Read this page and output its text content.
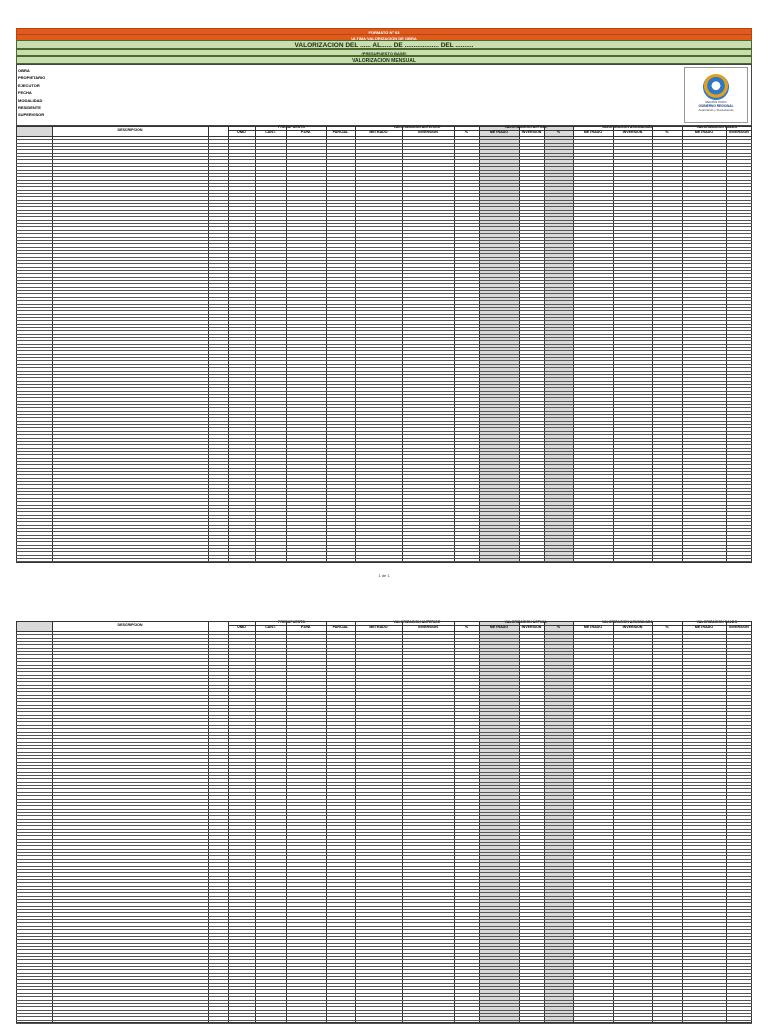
FORMATO N° 03
ULTIMA VALORIZACION DE OBRA
VALORIZACION DEL ...... AL...... DE ................... DEL ..........
(PRESUPUESTO BASE)
VALORIZACION MENSUAL
OBRA
PROPIETARIO
EJECUTOR
FECHA
MODALIDAD
RESIDENTE
SUPERVISOR
REGIÓN PUNO
GOBIERNO REGIONAL
Avanzando y Produciendo
DESCRIPCION
PRESUPUESTO	VALORIZACION ANTERIOR	VALORIZACION ACTUAL	VALORIZACION ACUMULADA	VALORIZACION SALDO
UNID	CANT.	P.UNI.	PARCIAL	METRADO	INVERSION	%	METRADO	INVERSION	%	METRADO	INVERSION	%	METRADO	INVERSION
1 de 1
DESCRIPCION
PRESUPUESTO	VALORIZACION ANTERIOR	VALORIZACION ACTUAL	VALORIZACION ACUMULADA	VALORIZACION SALDO
UNID	CANT.	P.UNI.	PARCIAL	METRADO	INVERSION	%	METRADO	INVERSION	%	METRADO	INVERSION	%	METRADO	INVERSION
